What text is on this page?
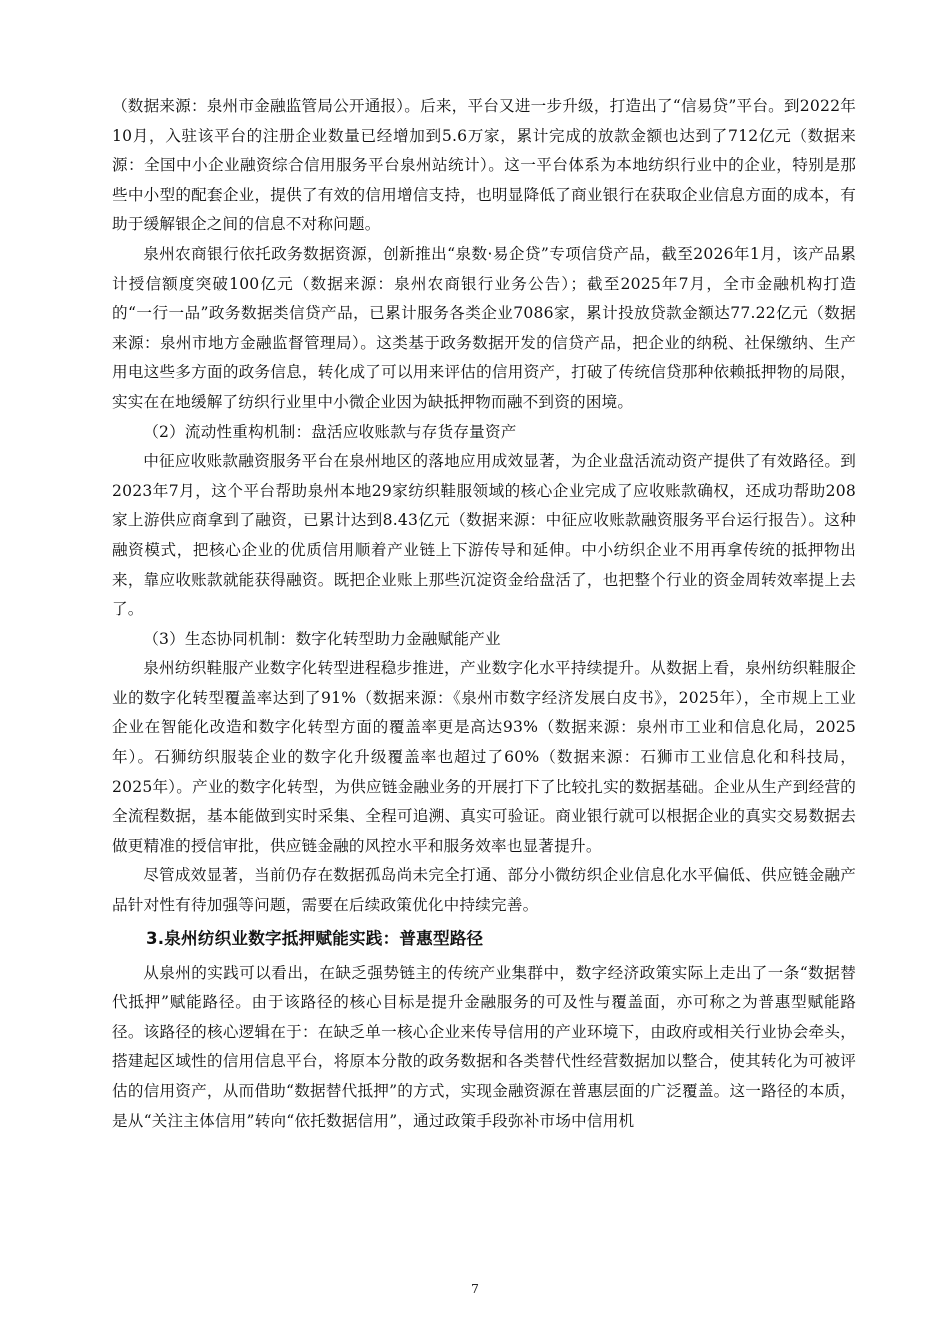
（数据来源：泉州市金融监管局公开通报）。后来，平台又进一步升级，打造出了“信易贷”平台。到2022年10月，入驻该平台的注册企业数量已经增加到5.6万家，累计完成的放款金额也达到了712亿元（数据来源：全国中小企业融资综合信用服务平台泉州站统计）。这一平台体系为本地纺织行业中的企业，特别是那些中小型的配套企业，提供了有效的信用增信支持，也明显降低了商业银行在获取企业信息方面的成本，有助于缓解银企之间的信息不对称问题。

泉州农商银行依托政务数据资源，创新推出“泉数·易企贷”专项信贷产品，截至2026年1月，该产品累计授信额度突破100亿元（数据来源：泉州农商银行业务公告）；截至2025年7月，全市金融机构打造的“一行一品”政务数据类信贷产品，已累计服务各类企业7086家，累计投放贷款金额达77.22亿元（数据来源：泉州市地方金融监督管理局）。这类基于政务数据开发的信贷产品，把企业的纳税、社保缴纳、生产用电这些多方面的政务信息，转化成了可以用来评估的信用资产，打破了传统信贷那种依赖抵押物的局限，实实在在地缓解了纺织行业里中小微企业因为缺抵押物而融不到资的困境。

（2）流动性重构机制：盘活应收账款与存货存量资产

中征应收账款融资服务平台在泉州地区的落地应用成效显著，为企业盘活流动资产提供了有效路径。到2023年7月，这个平台帮助泉州本地29家纺织鞋服领域的核心企业完成了应收账款确权，还成功帮助208家上游供应商拿到了融资，已累计达到8.43亿元（数据来源：中征应收账款融资服务平台运行报告）。这种融资模式，把核心企业的优质信用顺着产业链上下游传导和延伸。中小纺织企业不用再拿传统的抵押物出来，靠应收账款就能获得融资。既把企业账上那些沉淀资金给盘活了，也把整个行业的资金周转效率提上去了。

（3）生态协同机制：数字化转型助力金融赋能产业

泉州纺织鞋服产业数字化转型进程稳步推进，产业数字化水平持续提升。从数据上看，泉州纺织鞋服企业的数字化转型覆盖率达到了91%（数据来源：《泉州市数字经济发展白皮书》，2025年），全市规上工业企业在智能化改造和数字化转型方面的覆盖率更是高达93%（数据来源：泉州市工业和信息化局，2025年）。石狮纺织服装企业的数字化升级覆盖率也超过了60%（数据来源：石狮市工业信息化和科技局，2025年）。产业的数字化转型，为供应链金融业务的开展打下了比较扎实的数据基础。企业从生产到经营的全流程数据，基本能做到实时采集、全程可追溯、真实可验证。商业银行就可以根据企业的真实交易数据去做更精准的授信审批，供应链金融的风控水平和服务效率也显著提升。

尽管成效显著，当前仍存在数据孤岛尚未完全打通、部分小微纺织企业信息化水平偏低、供应链金融产品针对性有待加强等问题，需要在后续政策优化中持续完善。

3.泉州纺织业数字抵押赋能实践：普惠型路径

从泉州的实践可以看出，在缺乏强势链主的传统产业集群中，数字经济政策实际上走出了一条“数据替代抵押”赋能路径。由于该路径的核心目标是提升金融服务的可及性与覆盖面，亦可称之为普惠型赋能路径。该路径的核心逻辑在于：在缺乏单一核心企业来传导信用的产业环境下，由政府或相关行业协会牵头，搭建起区域性的信用信息平台，将原本分散的政务数据和各类替代性经营数据加以整合，使其转化为可被评估的信用资产，从而借助“数据替代抵押”的方式，实现金融资源在普惠层面的广泛覆盖。这一路径的本质，是从“关注主体信用”转向“依托数据信用”，通过政策手段弥补市场中信用机

7
